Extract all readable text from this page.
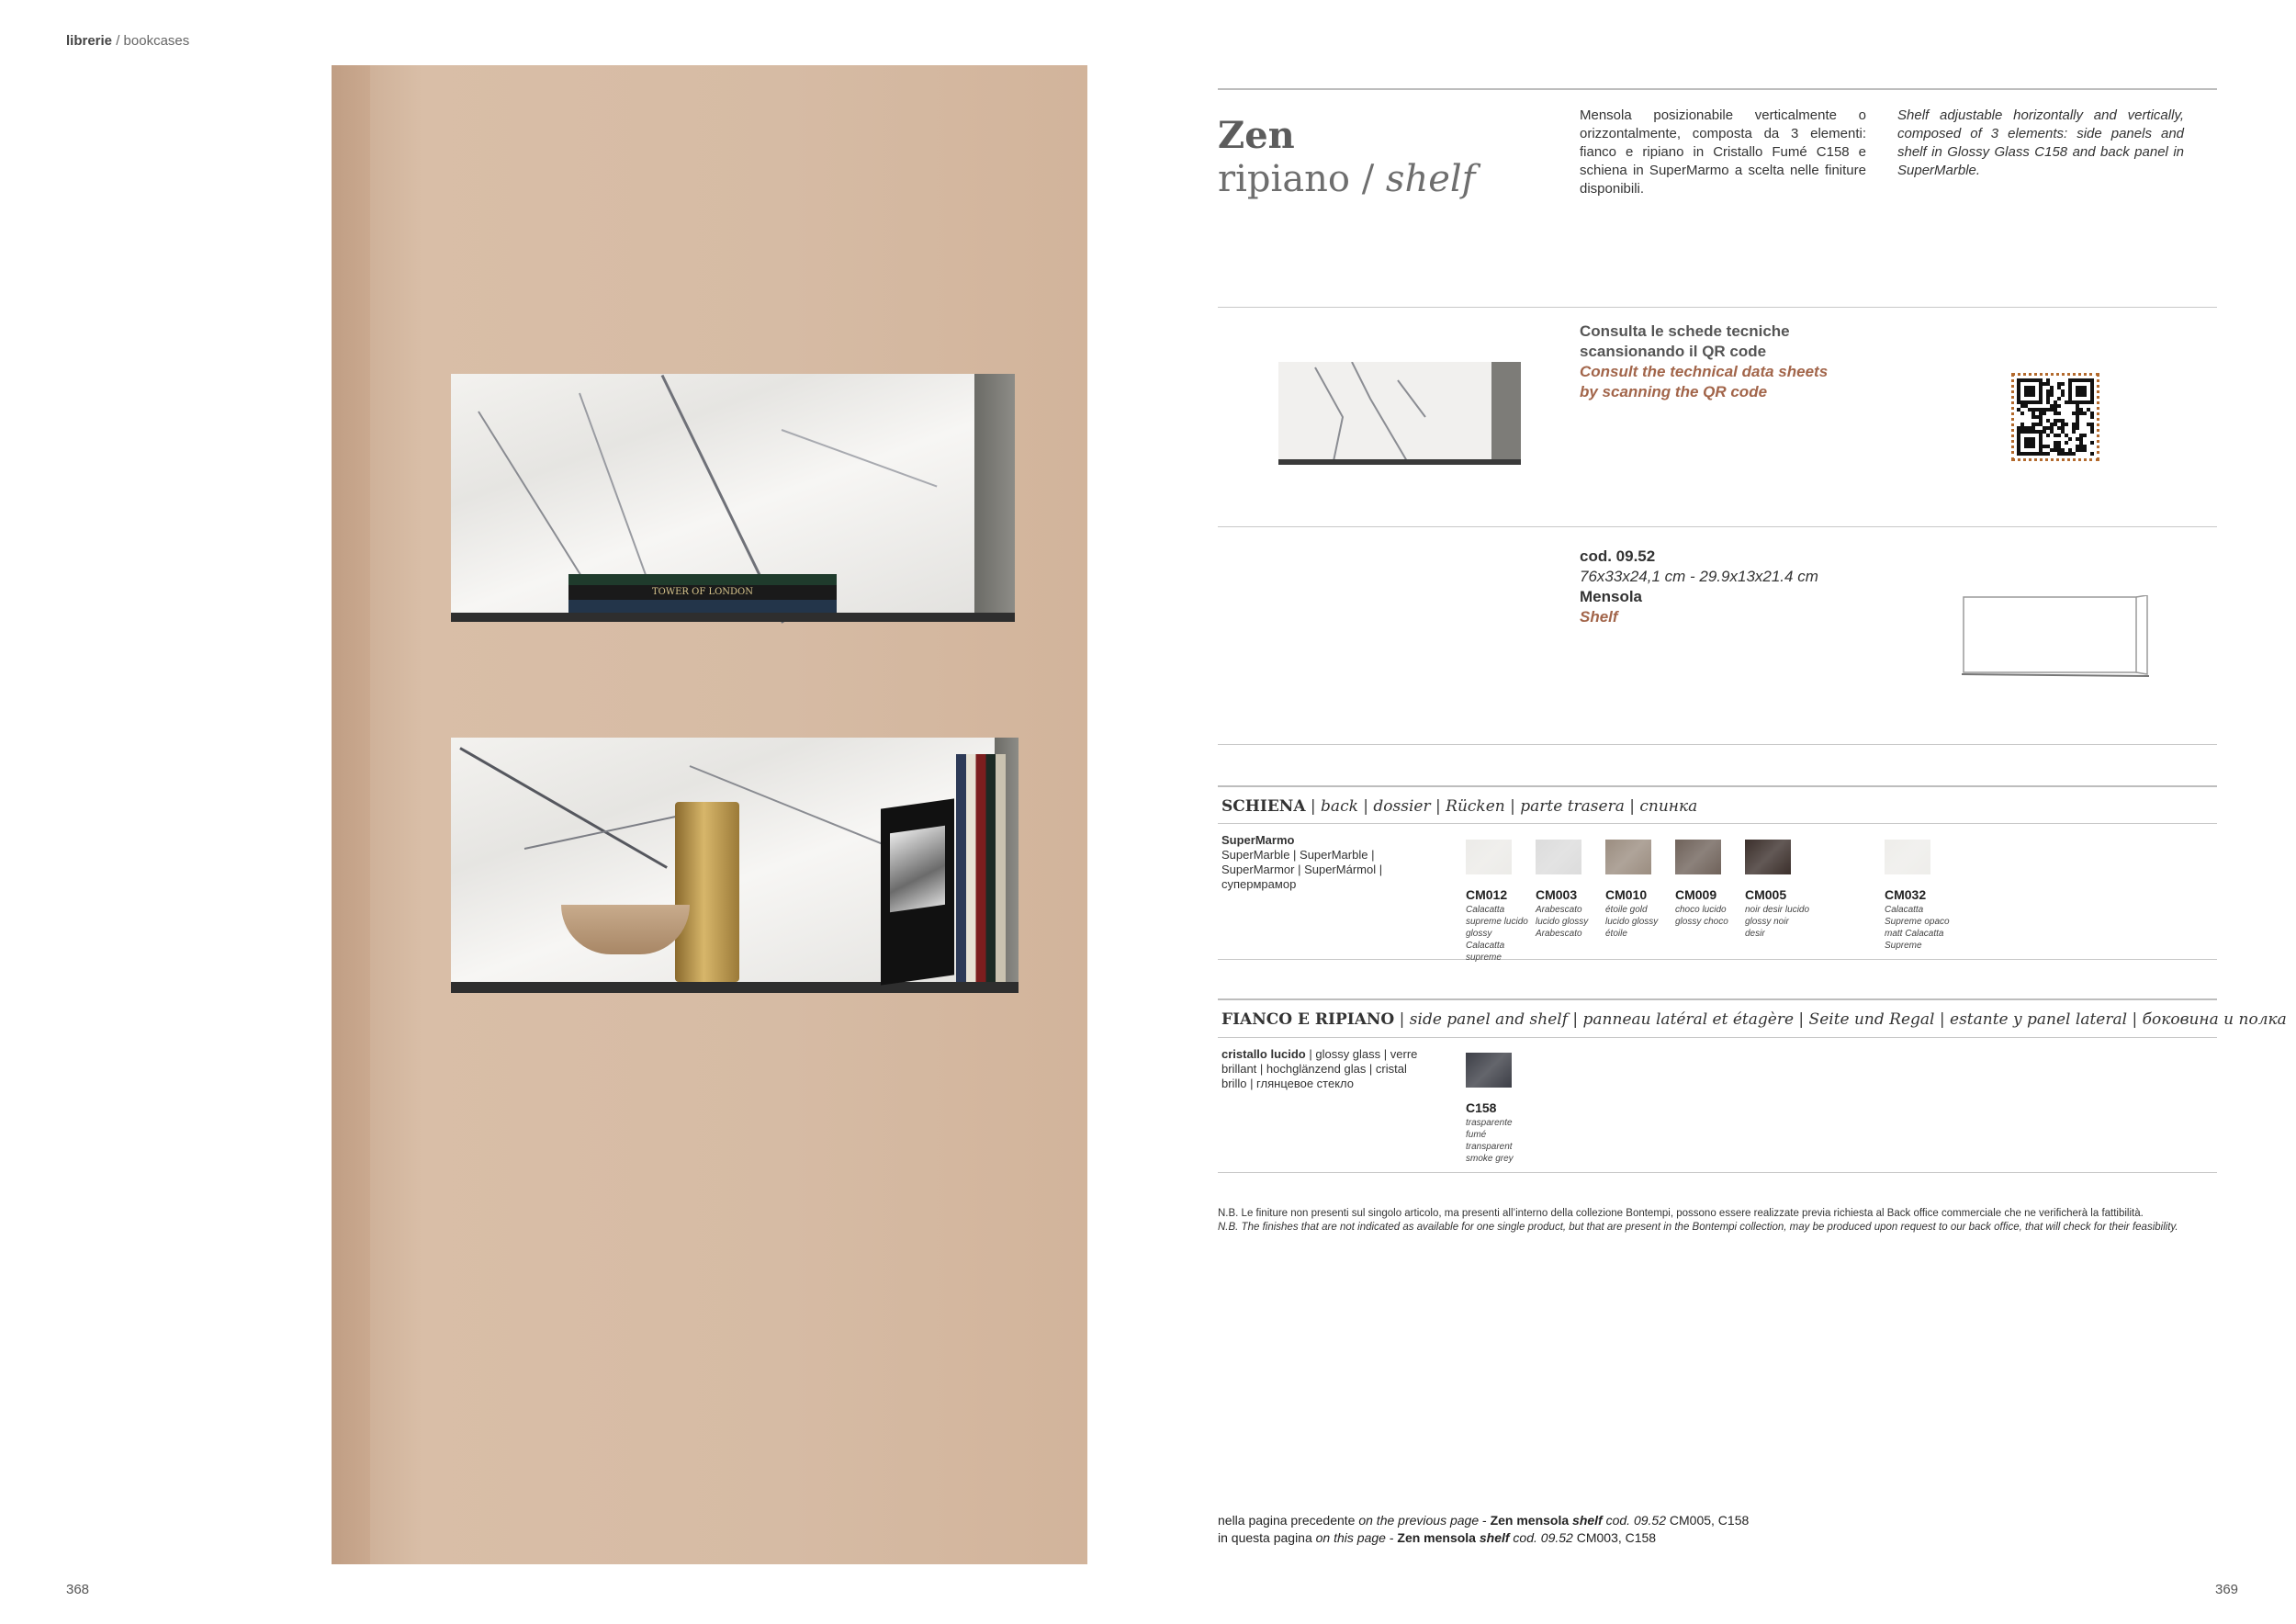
librerie / bookcases
TOWER OF LONDON
Zen
ripiano / shelf
Mensola posizionabile verticalmente o orizzontalmente, composta da 3 elementi: fianco e ripiano in Cristallo Fumé C158 e schiena in SuperMarmo a scelta nelle finiture disponibili.
Shelf adjustable horizontally and vertically, composed of 3 elements: side panels and shelf in Glossy Glass C158 and back panel in SuperMarble.
Consulta le schede tecniche
scansionando il QR code
Consult the technical data sheets
by scanning the QR code
cod. 09.52
76x33x24,1 cm - 29.9x13x21.4 cm
Mensola
Shelf
SCHIENA | back | dossier | Rücken | parte trasera | спинка
SuperMarmo
SuperMarble | SuperMarble | SuperMarmor | SuperMármol | супермрамор
CM012
Calacatta supreme lucido glossy Calacatta supreme
CM003
Arabescato lucido glossy Arabescato
CM010
étoile gold lucido glossy étoile
CM009
choco lucido glossy choco
CM005
noir desir lucido glossy noir desir
CM032
Calacatta Supreme opaco matt Calacatta Supreme
FIANCO E RIPIANO | side panel and shelf | panneau latéral et étagère | Seite und Regal | estante y panel lateral | боковина и полка
cristallo lucido | glossy glass | verre brillant | hochglänzend glas | cristal brillo | глянцевое стекло
C158
trasparente fumé transparent smoke grey
N.B. Le finiture non presenti sul singolo articolo, ma presenti all’interno della collezione Bontempi, possono essere realizzate previa richiesta al Back office commerciale che ne verificherà la fattibilità.
N.B. The finishes that are not indicated as available for one single product, but that are present in the Bontempi collection, may be produced upon request to our back office, that will check for their feasibility.
nella pagina precedente on the previous page - Zen mensola shelf cod. 09.52 CM005, C158
in questa pagina on this page - Zen mensola shelf cod. 09.52 CM003, C158
368	369
